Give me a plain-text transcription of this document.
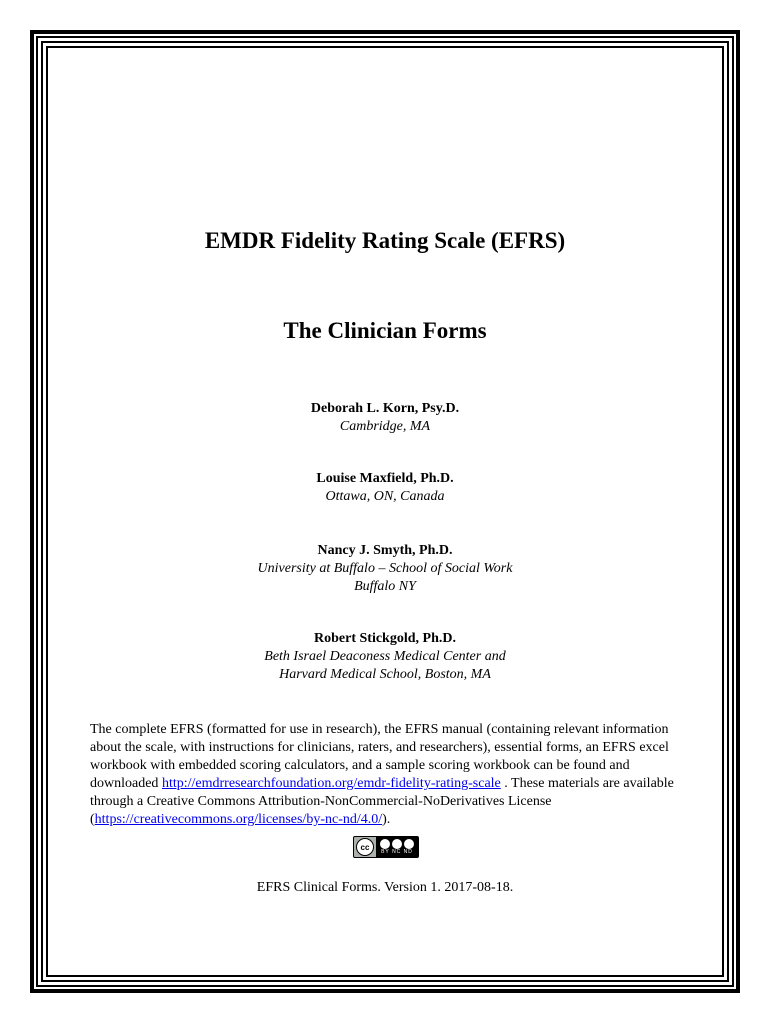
EMDR Fidelity Rating Scale (EFRS)
The Clinician Forms
Deborah L. Korn, Psy.D.
Cambridge, MA
Louise Maxfield, Ph.D.
Ottawa, ON, Canada
Nancy J. Smyth, Ph.D.
University at Buffalo – School of Social Work
Buffalo NY
Robert Stickgold, Ph.D.
Beth Israel Deaconess Medical Center and
Harvard Medical School, Boston, MA

The complete EFRS (formatted for use in research), the EFRS manual (containing relevant information about the scale, with instructions for clinicians, raters, and researchers), essential forms, an EFRS excel workbook with embedded scoring calculators, and a sample scoring workbook can be found and downloaded http://emdrresearchfoundation.org/emdr-fidelity-rating-scale . These materials are available through a Creative Commons Attribution-NonCommercial-NoDerivatives License (https://creativecommons.org/licenses/by-nc-nd/4.0/).

cc
BY NC ND
EFRS Clinical Forms. Version 1. 2017-08-18.
